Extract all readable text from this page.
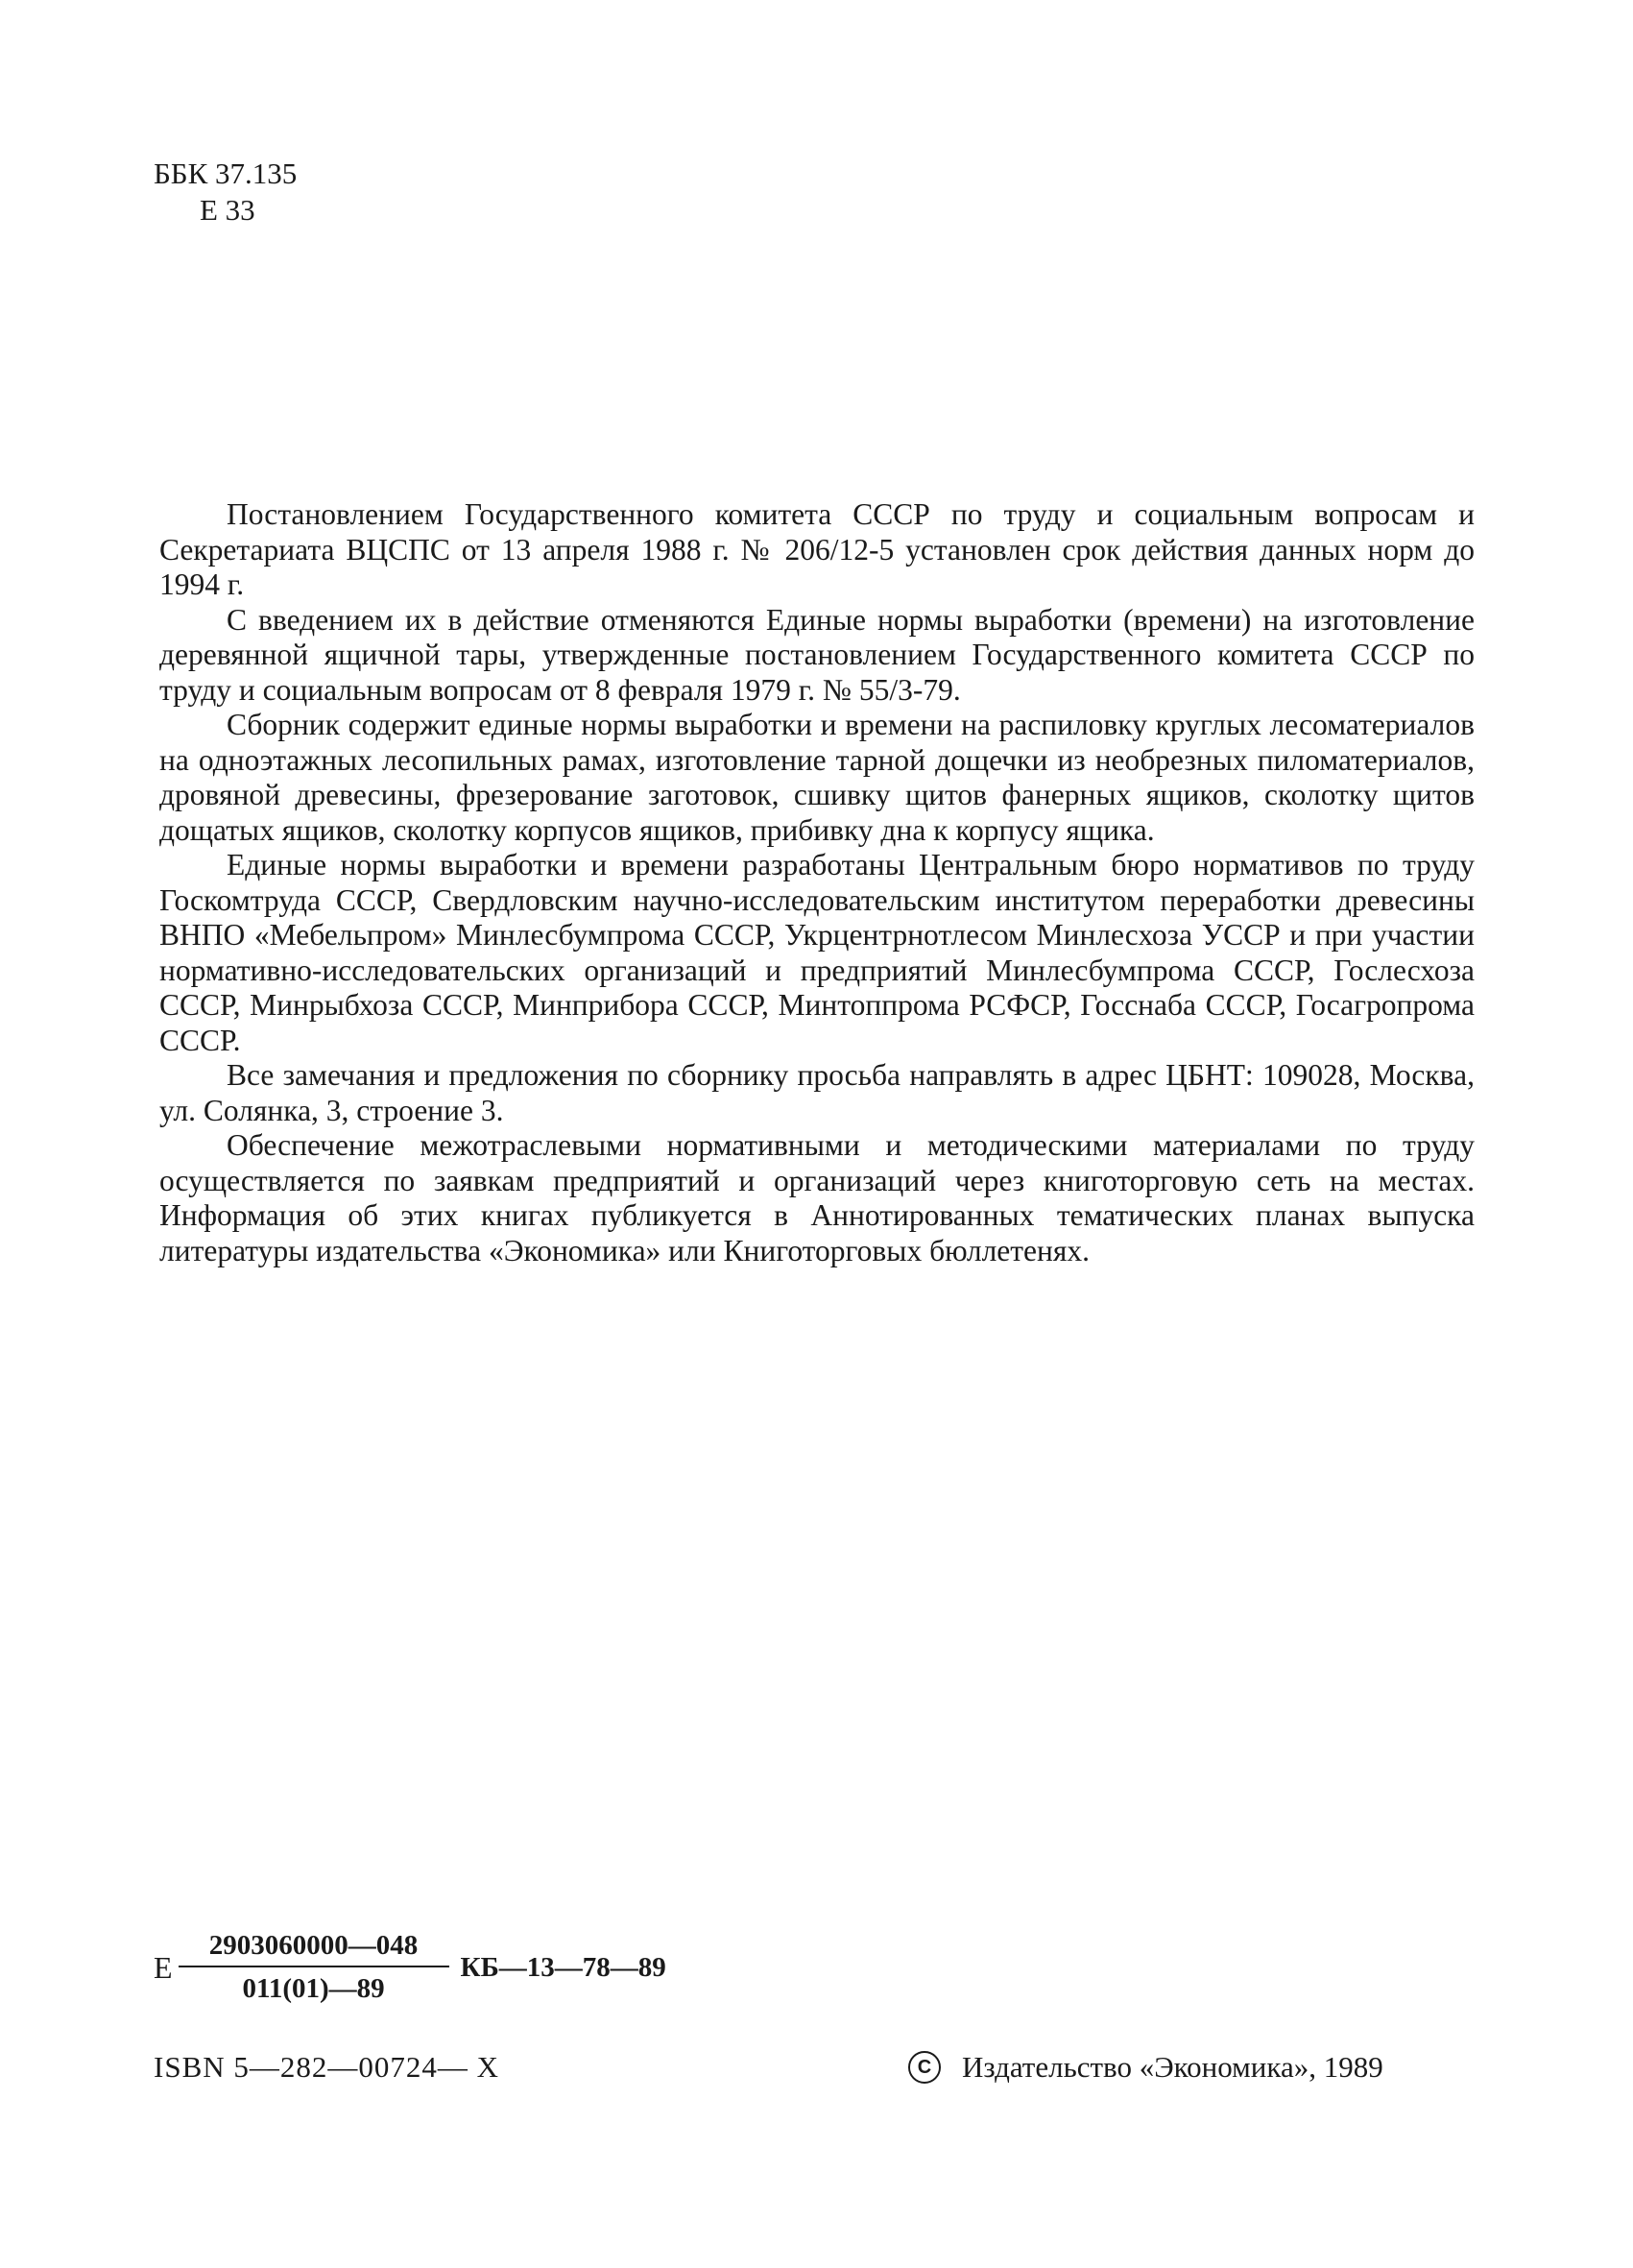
ББК 37.135
Е 33

Постановлением Государственного комитета СССР по труду и социальным вопросам и Секретариата ВЦСПС от 13 апреля 1988 г. № 206/12-5 установлен срок действия данных норм до 1994 г.

С введением их в действие отменяются Единые нормы выработки (времени) на изготовление деревянной ящичной тары, утвержденные постановлением Государственного комитета СССР по труду и социальным вопросам от 8 февраля 1979 г. № 55/3-79.

Сборник содержит единые нормы выработки и времени на распиловку круглых лесоматериалов на одноэтажных лесопильных рамах, изготовление тарной дощечки из необрезных пиломатериалов, дровяной древесины, фрезерование заготовок, сшивку щитов фанерных ящиков, сколотку щитов дощатых ящиков, сколотку корпусов ящиков, прибивку дна к корпусу ящика.

Единые нормы выработки и времени разработаны Центральным бюро нормативов по труду Госкомтруда СССР, Свердловским научно-исследовательским институтом переработки древесины ВНПО «Мебельпром» Минлесбумпрома СССР, Укрцентрнотлесом Минлесхоза УССР и при участии нормативно-исследовательских организаций и предприятий Минлесбумпрома СССР, Гослесхоза СССР, Минрыбхоза СССР, Минприбора СССР, Минтоппрома РСФСР, Госснаба СССР, Госагропрома СССР.

Все замечания и предложения по сборнику просьба направлять в адрес ЦБНТ: 109028, Москва, ул. Солянка, 3, строение 3.

Обеспечение межотраслевыми нормативными и методическими материалами по труду осуществляется по заявкам предприятий и организаций через книготорговую сеть на местах. Информация об этих книгах публикуется в Аннотированных тематических планах выпуска литературы издательства «Экономика» или Книготорговых бюллетенях.

Е $\frac{2903060000—048}{011(01)—89}$ КБ—13—78—89
ISBN 5—282—00724— X	C	Издательство «Экономика», 1989
